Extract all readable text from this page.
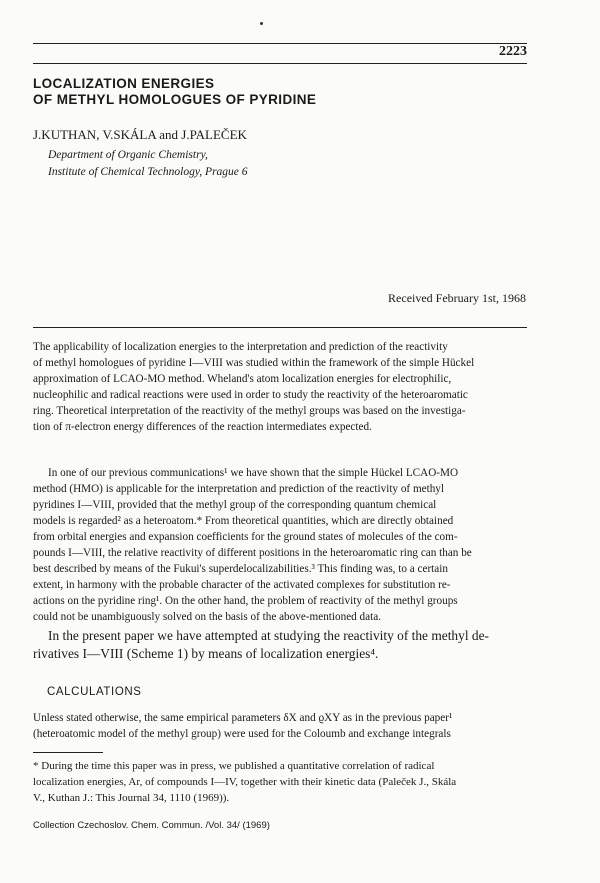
2223
LOCALIZATION ENERGIES
OF METHYL HOMOLOGUES OF PYRIDINE
J.KUTHAN, V.SKÁLA and J.PALEČEK
Department of Organic Chemistry,
Institute of Chemical Technology, Prague 6
Received February 1st, 1968
The applicability of localization energies to the interpretation and prediction of the reactivity
of methyl homologues of pyridine I—VIII was studied within the framework of the simple Hückel
approximation of LCAO-MO method. Wheland's atom localization energies for electrophilic,
nucleophilic and radical reactions were used in order to study the reactivity of the heteroaromatic
ring. Theoretical interpretation of the reactivity of the methyl groups was based on the investiga-
tion of π-electron energy differences of the reaction intermediates expected.
In one of our previous communications¹ we have shown that the simple Hückel LCAO-MO
method (HMO) is applicable for the interpretation and prediction of the reactivity of methyl
pyridines I—VIII, provided that the methyl group of the corresponding quantum chemical
models is regarded² as a heteroatom.* From theoretical quantities, which are directly obtained
from orbital energies and expansion coefficients for the ground states of molecules of the com-
pounds I—VIII, the relative reactivity of different positions in the heteroaromatic ring can than be
best described by means of the Fukui's superdelocalizabilities.³ This finding was, to a certain
extent, in harmony with the probable character of the activated complexes for substitution re-
actions on the pyridine ring¹. On the other hand, the problem of reactivity of the methyl groups
could not be unambiguously solved on the basis of the above-mentioned data.
In the present paper we have attempted at studying the reactivity of the methyl de-
rivatives I—VIII (Scheme 1) by means of localization energies⁴.
CALCULATIONS
Unless stated otherwise, the same empirical parameters δX and ϱXY as in the previous paper¹
(heteroatomic model of the methyl group) were used for the Coloumb and exchange integrals
* During the time this paper was in press, we published a quantitative correlation of radical
localization energies, Ar, of compounds I—IV, together with their kinetic data (Paleček J., Skála
V., Kuthan J.: This Journal 34, 1110 (1969)).
Collection Czechoslov. Chem. Commun. /Vol. 34/ (1969)
